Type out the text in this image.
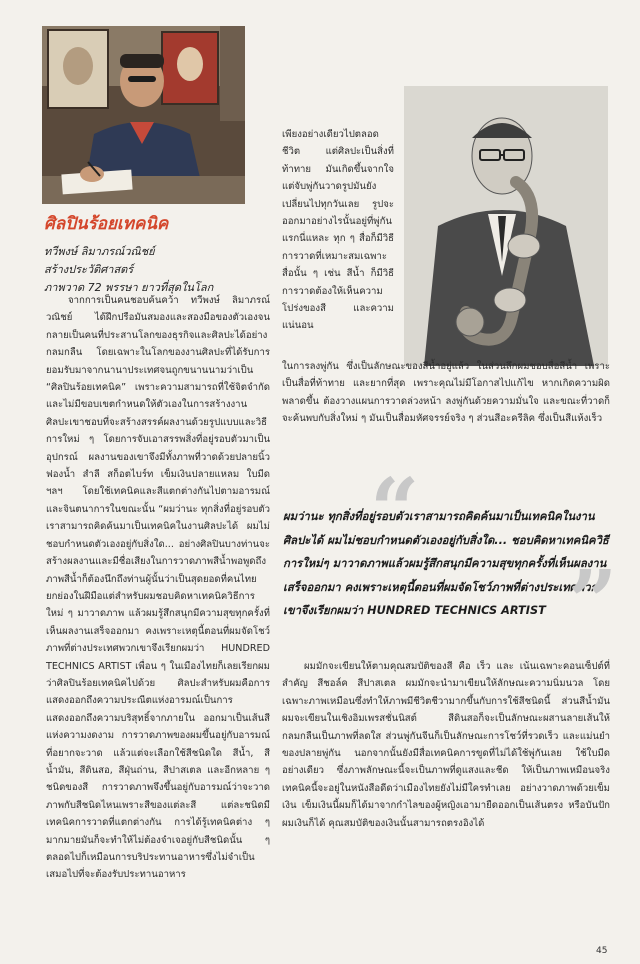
ศิลปินร้อยเทคนิค
ทวีพงษ์ ลิมาภรณ์วณิชย์
สร้างประวัติศาสตร์
ภาพวาด 72 พรรษา ยาวที่สุดในโลก
จากการเป็นคนชอบค้นคว้า ทวีพงษ์ ลิมาภรณ์วณิชย์ ได้ฝึกปรือมันสมองและสองมือของตัวเองจนกลายเป็นคนที่ประสานโลกของธุรกิจและศิลปะได้อย่างกลมกลืน โดยเฉพาะในโลกของงานศิลปะที่ได้รับการยอมรับมาจากนานาประเทศจนถูกขนานนามว่าเป็น “ศิลปินร้อยเทคนิค” เพราะความสามารถที่ใช้จิตจำกัดและไม่มีขอบเขตกำหนดให้ตัวเองในการสร้างงานศิลปะเขาชอบที่จะสร้างสรรค์ผลงานด้วยรูปแบบและวิธีการใหม่ ๆ โดยการจับเอาสรรพสิ่งที่อยู่รอบตัวมาเป็นอุปกรณ์ ผลงานของเขาจึงมีทั้งภาพที่วาดด้วยปลายนิ้ว ฟองน้ำ สำลี สก็อตไบร์ท เข็มเงินปลายแหลม ใบมีด ฯลฯ โดยใช้เทคนิคและสีแตกต่างกันไปตามอารมณ์และจินตนาการในขณะนั้น “ผมว่านะ ทุกสิ่งที่อยู่รอบตัวเราสามารถคิดค้นมาเป็นเทคนิคในงานศิลปะได้ ผมไม่ชอบกำหนดตัวเองอยู่กับสิ่งใด... อย่างศิลปินบางท่านจะสร้างผลงานและมีชื่อเสียงในการวาดภาพสีน้ำพอพูดถึงภาพสีน้ำก็ต้องนึกถึงท่านผู้นั้นว่าเป็นสุดยอดที่คนไทยยกย่องในฝีมือแต่สำหรับผมชอบคิดหาเทคนิควิธีการใหม่ ๆ มาวาดภาพ แล้วผมรู้สึกสนุกมีความสุขทุกครั้งที่เห็นผลงานเสร็จออกมา คงเพราะเหตุนี้ตอนที่ผมจัดโชว์ภาพที่ต่างประเทศพวกเขาจึงเรียกผมว่า HUNDRED TECHNICS ARTIST เพื่อน ๆ ในเมืองไทยก็เลยเรียกผมว่าศิลปินร้อยเทคนิคไปด้วย ศิลปะสำหรับผมคือการแสดงออกถึงความประณีตแห่งอารมณ์เป็นการแสดงออกถึงความบริสุทธิ์จากภายใน ออกมาเป็นเส้นสีแห่งความงดงาม การวาดภาพของผมขึ้นอยู่กับอารมณ์ที่อยากจะวาด แล้วแต่จะเลือกใช้สีชนิดใด สีน้ำ, สีน้ำมัน, สีดินสอ, สีฝุ่นถ่าน, สีปาสเตล และอีกหลาย ๆ ชนิดของสี การวาดภาพจึงขึ้นอยู่กับอารมณ์ว่าจะวาดภาพกับสีชนิดไหนเพราะสีของแต่ละสี แต่ละชนิดมีเทคนิคการวาดที่แตกต่างกัน การได้รู้เทคนิคต่าง ๆ มากมายมันก็จะทำให้ไม่ต้องจำเจอยู่กับสีชนิดนั้น ๆ ตลอดไปก็เหมือนการบริประทานอาหารซึ่งไม่จำเป็นเสมอไปที่จะต้องรับประทานอาหาร
เพียงอย่างเดียวไปตลอดชีวิต แต่ศิลปะเป็นสิ่งที่ท้าทาย มันเกิดขึ้นจากใจ แต่จับพู่กันวาดรูปมันยังเปลี่ยนไปทุกวันเลย รูปจะออกมาอย่างไรนั้นอยู่ที่พู่กันแรกนี่แหละ ทุก ๆ สื่อก็มีวิธีการวาดที่เหมาะสมเฉพาะสื่อนั้น ๆ เช่น สีน้ำ ก็มีวิธีการวาดต้องให้เห็นความโปร่งของสี และความแน่นอน
ในการลงพู่กัน ซึ่งเป็นลักษณะของสีน้ำอยู่แล้ว ในส่วนลึกผมชอบสื่อสีน้ำ เพราะเป็นสื่อที่ท้าทาย และยากที่สุด เพราะคุณไม่มีโอกาสไปแก้ไข หากเกิดความผิดพลาดขึ้น ต้องวางแผนการวาดล่วงหน้า ลงพู่กันด้วยความมั่นใจ และขณะที่วาดก็จะค้นพบกับสิ่งใหม่ ๆ มันเป็นสื่อมหัศจรรย์จริง ๆ ส่วนสีอะครีลิค ซึ่งเป็นสีแห้งเร็ว
“
ผมว่านะ ทุกสิ่งที่อยู่รอบตัวเราสามารถคิดค้นมาเป็นเทคนิคในงานศิลปะได้ ผมไม่ชอบกำหนดตัวเองอยู่กับสิ่งใด... ชอบคิดหาเทคนิควิธีการใหม่ๆ มาวาดภาพแล้วผมรู้สึกสนุกมีความสุขทุกครั้งที่เห็นผลงานเสร็จออกมา คงเพราะเหตุนี้ตอนที่ผมจัดโชว์ภาพที่ต่างประเทศพวกเขาจึงเรียกผมว่า HUNDRED TECHNICS ARTIST ”
ผมมักจะเขียนให้ตามคุณสมบัติของสี คือ เร็ว และ เน้นเฉพาะคอนเซ็ปต์ที่สำคัญ สีชอล์ค สีปาสเตล ผมมักจะนำมาเขียนให้ลักษณะความนิ่มนวล โดยเฉพาะภาพเหมือนซึ่งทำให้ภาพมีชีวิตชีวามากขึ้นกับการใช้สีชนิดนี้ ส่วนสีน้ำมันผมจะเขียนในเชิงอิมเพรสชั่นนิสต์ สีดินสอก็จะเป็นลักษณะผสานลายเส้นให้กลมกลืนเป็นภาพที่ลดใส ส่วนพู่กันจีนก็เป็นลักษณะการโชว์ที่รวดเร็ว และแม่นยำของปลายพู่กัน นอกจากนั้นยังมีสื่อเทคนิคการขูดที่ไม่ได้ใช้พู่กันเลย ใช้ใบมีดอย่างเดียว ซึ่งภาพลักษณะนี้จะเป็นภาพที่ดูแสงและชีด ให้เป็นภาพเหมือนจริง เทคนิคนี้จะอยู่ในหนังสือดีดว่าเมืองไทยยังไม่มีใครทำเลย อย่างวาดภาพด้วยเข็มเงิน เข็มเงินนี้ผมก็ได้มาจากกำไลของผู้หญิงเอามายืดออกเป็นเส้นตรง หรือบันปักผมเงินก็ได้ คุณสมบัติของเงินนั้นสามารถตรงอิงได้
45
